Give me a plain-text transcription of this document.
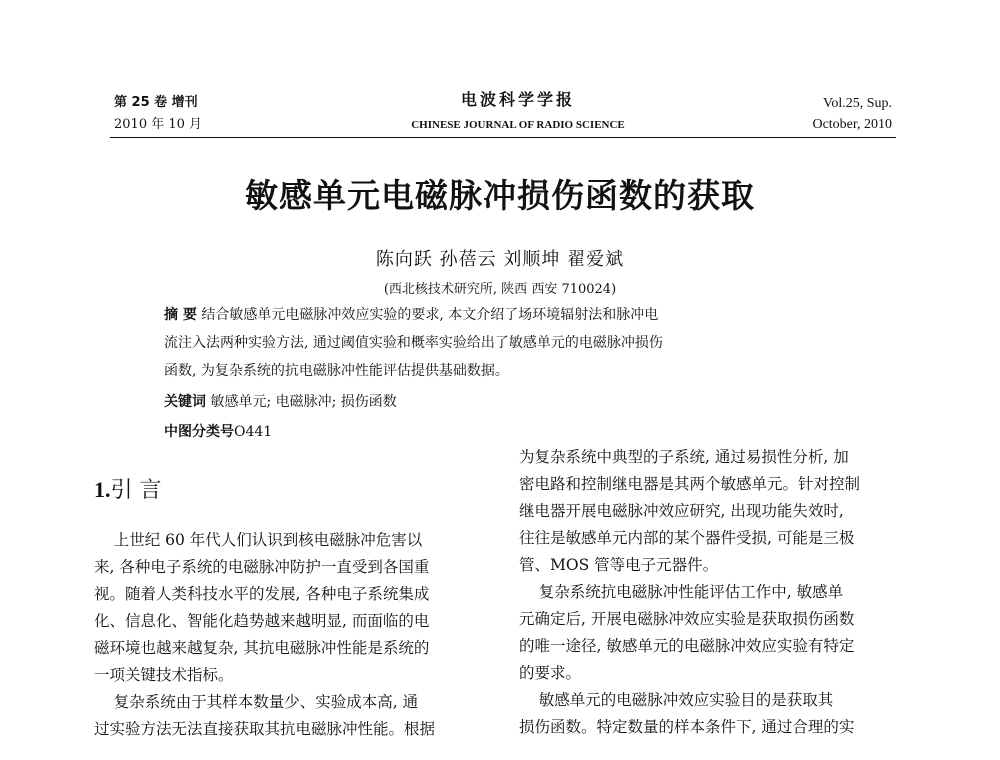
第 25 卷 增刊
2010 年 10 月
电波科学学报
CHINESE JOURNAL OF RADIO SCIENCE
Vol.25, Sup.
October, 2010
敏感单元电磁脉冲损伤函数的获取
陈向跃 孙蓓云 刘顺坤 翟爱斌
(西北核技术研究所, 陕西 西安 710024)
摘 要 结合敏感单元电磁脉冲效应实验的要求, 本文介绍了场环境辐射法和脉冲电
流注入法两种实验方法, 通过阈值实验和概率实验给出了敏感单元的电磁脉冲损伤
函数, 为复杂系统的抗电磁脉冲性能评估提供基础数据。
关键词 敏感单元; 电磁脉冲; 损伤函数
中图分类号O441
1.引 言
上世纪 60 年代人们认识到核电磁脉冲危害以
来, 各种电子系统的电磁脉冲防护一直受到各国重
视。随着人类科技水平的发展, 各种电子系统集成
化、信息化、智能化趋势越来越明显, 而面临的电
磁环境也越来越复杂, 其抗电磁脉冲性能是系统的
一项关键技术指标。
复杂系统由于其样本数量少、实验成本高, 通
过实验方法无法直接获取其抗电磁脉冲性能。根据
为复杂系统中典型的子系统, 通过易损性分析, 加
密电路和控制继电器是其两个敏感单元。针对控制
继电器开展电磁脉冲效应研究, 出现功能失效时,
往往是敏感单元内部的某个器件受损, 可能是三极
管、MOS 管等电子元器件。
复杂系统抗电磁脉冲性能评估工作中, 敏感单
元确定后, 开展电磁脉冲效应实验是获取损伤函数
的唯一途径, 敏感单元的电磁脉冲效应实验有特定
的要求。
敏感单元的电磁脉冲效应实验目的是获取其
损伤函数。特定数量的样本条件下, 通过合理的实
